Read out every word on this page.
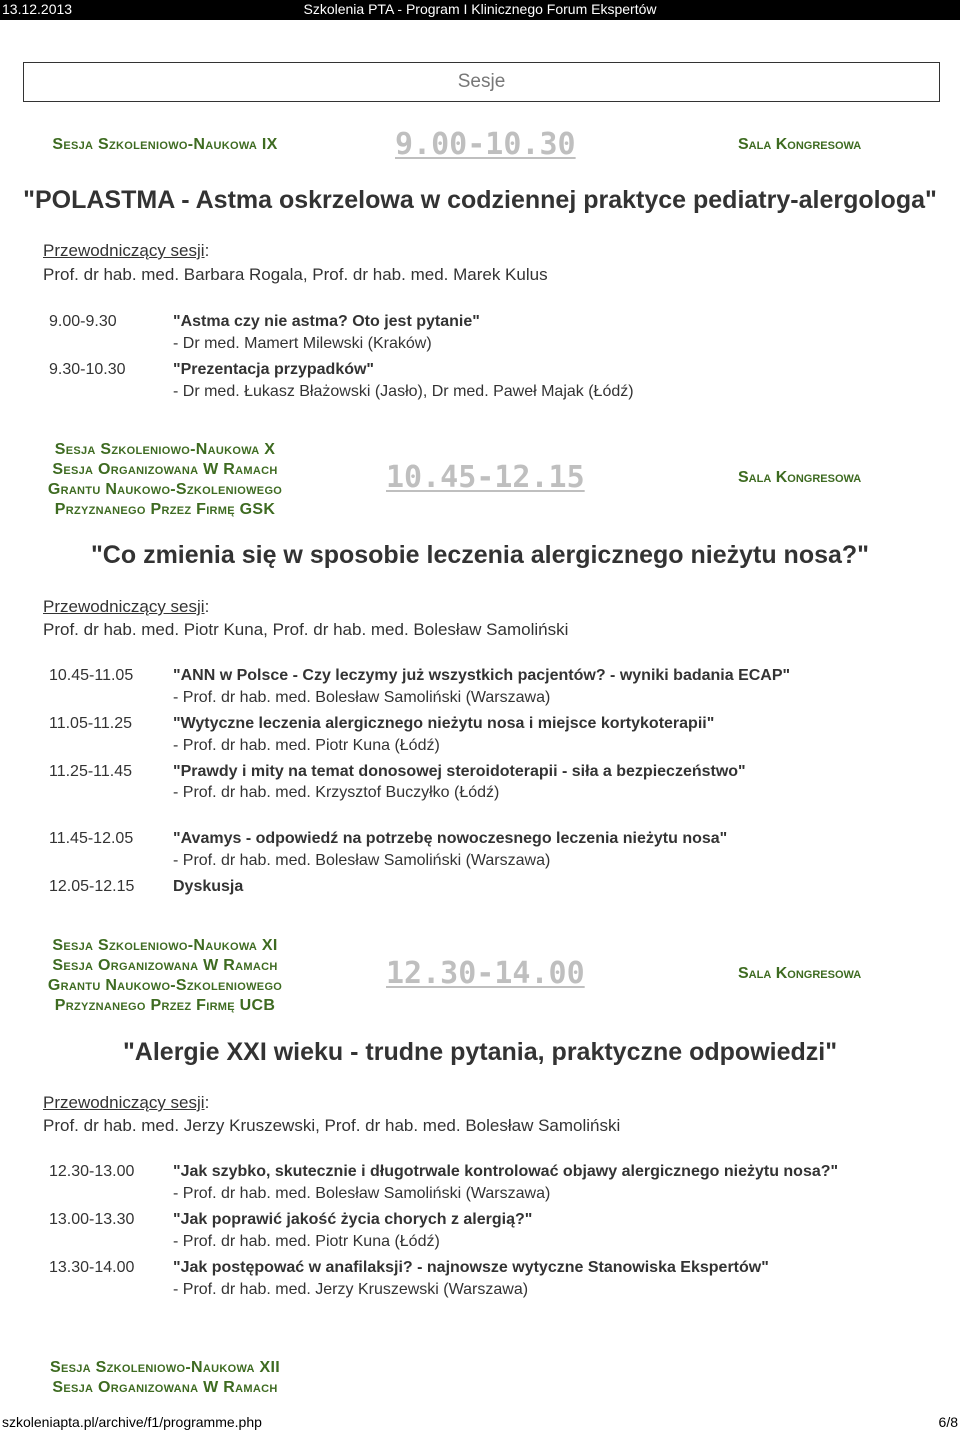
Szkolenia PTA - Program I Klinicznego Forum Ekspertów
13.12.2013
Sesje
Sesja Szkoleniowo-Naukowa IX	9.00-10.30	Sala Kongresowa
"POLASTMA - Astma oskrzelowa w codziennej praktyce pediatry-alergologa"
Przewodniczący sesji:
Prof. dr hab. med. Barbara Rogala, Prof. dr hab. med. Marek Kulus
9.00-9.30	"Astma czy nie astma? Oto jest pytanie"
- Dr med. Mamert Milewski (Kraków)
9.30-10.30	"Prezentacja przypadków"
- Dr med. Łukasz Błażowski (Jasło), Dr med. Paweł Majak (Łódź)
Sesja Szkoleniowo-Naukowa X
Sesja Organizowana W Ramach
Grantu Naukowo-Szkoleniowego
Przyznanego Przez Firmę GSK
10.45-12.15	Sala Kongresowa
"Co zmienia się w sposobie leczenia alergicznego nieżytu nosa?"
Przewodniczący sesji:
Prof. dr hab. med. Piotr Kuna, Prof. dr hab. med. Bolesław Samoliński
10.45-11.05 "ANN w Polsce - Czy leczymy już wszystkich pacjentów? - wyniki badania ECAP"
- Prof. dr hab. med. Bolesław Samoliński (Warszawa)
11.05-11.25	"Wytyczne leczenia alergicznego nieżytu nosa i miejsce kortykoterapii"
- Prof. dr hab. med. Piotr Kuna (Łódź)
11.25-11.45	"Prawdy i mity na temat donosowej steroidoterapii - siła a bezpieczeństwo"
- Prof. dr hab. med. Krzysztof Buczyłko (Łódź)
11.45-12.05 "Avamys - odpowiedź na potrzebę nowoczesnego leczenia nieżytu nosa"
- Prof. dr hab. med. Bolesław Samoliński (Warszawa)
12.05-12.15 Dyskusja
Sesja Szkoleniowo-Naukowa XI
Sesja Organizowana W Ramach
Grantu Naukowo-Szkoleniowego
Przyznanego Przez Firmę UCB
12.30-14.00	Sala Kongresowa
"Alergie XXI wieku - trudne pytania, praktyczne odpowiedzi"
Przewodniczący sesji:
Prof. dr hab. med. Jerzy Kruszewski, Prof. dr hab. med. Bolesław Samoliński
12.30-13.00 "Jak szybko, skutecznie i długotrwale kontrolować objawy alergicznego nieżytu nosa?"
- Prof. dr hab. med. Bolesław Samoliński (Warszawa)
13.00-13.30 "Jak poprawić jakość życia chorych z alergią?"
- Prof. dr hab. med. Piotr Kuna (Łódź)
13.30-14.00 "Jak postępować w anafilaksji? - najnowsze wytyczne Stanowiska Ekspertów"
- Prof. dr hab. med. Jerzy Kruszewski (Warszawa)
Sesja Szkoleniowo-Naukowa XII
Sesja Organizowana W Ramach
szkoleniapta.pl/archive/f1/programme.php	6/8
